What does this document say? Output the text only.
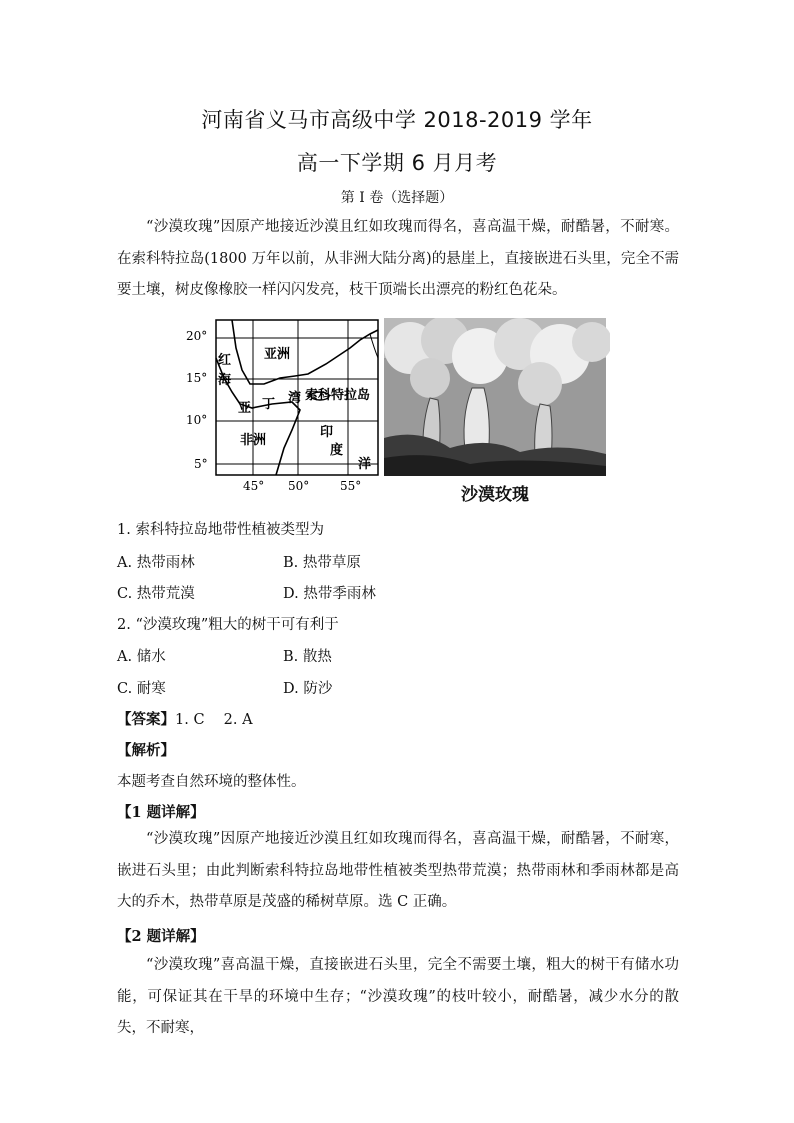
河南省义马市高级中学 2018-2019 学年
高一下学期 6 月月考
第 I 卷（选择题）
“沙漠玫瑰”因原产地接近沙漠且红如玫瑰而得名，喜高温干燥，耐酷暑，不耐寒。在索科特拉岛(1800 万年以前，从非洲大陆分离)的悬崖上，直接嵌进石头里，完全不需要土壤，树皮像橡胶一样闪闪发亮，枝干顶端长出漂亮的粉红色花朵。
20°
15°
10°
5°
45° 50°	55°
亚洲
非洲
红
海
亚 丁 湾 索科特拉岛
印
度
洋
沙漠玫瑰
1. 索科特拉岛地带性植被类型为
A. 热带雨林	B. 热带草原
C. 热带荒漠	D. 热带季雨林
2. “沙漠玫瑰”粗大的树干可有利于
A. 储水	B. 散热
C. 耐寒	D. 防沙
【答案】1. C　 2. A
【解析】
本题考查自然环境的整体性。
【1 题详解】
“沙漠玫瑰”因原产地接近沙漠且红如玫瑰而得名，喜高温干燥，耐酷暑，不耐寒，嵌进石头里；由此判断索科特拉岛地带性植被类型热带荒漠；热带雨林和季雨林都是高大的乔木，热带草原是茂盛的稀树草原。选 C 正确。
【2 题详解】
“沙漠玫瑰”喜高温干燥，直接嵌进石头里，完全不需要土壤，粗大的树干有储水功能，可保证其在干旱的环境中生存；“沙漠玫瑰”的枝叶较小，耐酷暑，减少水分的散失，不耐寒，
